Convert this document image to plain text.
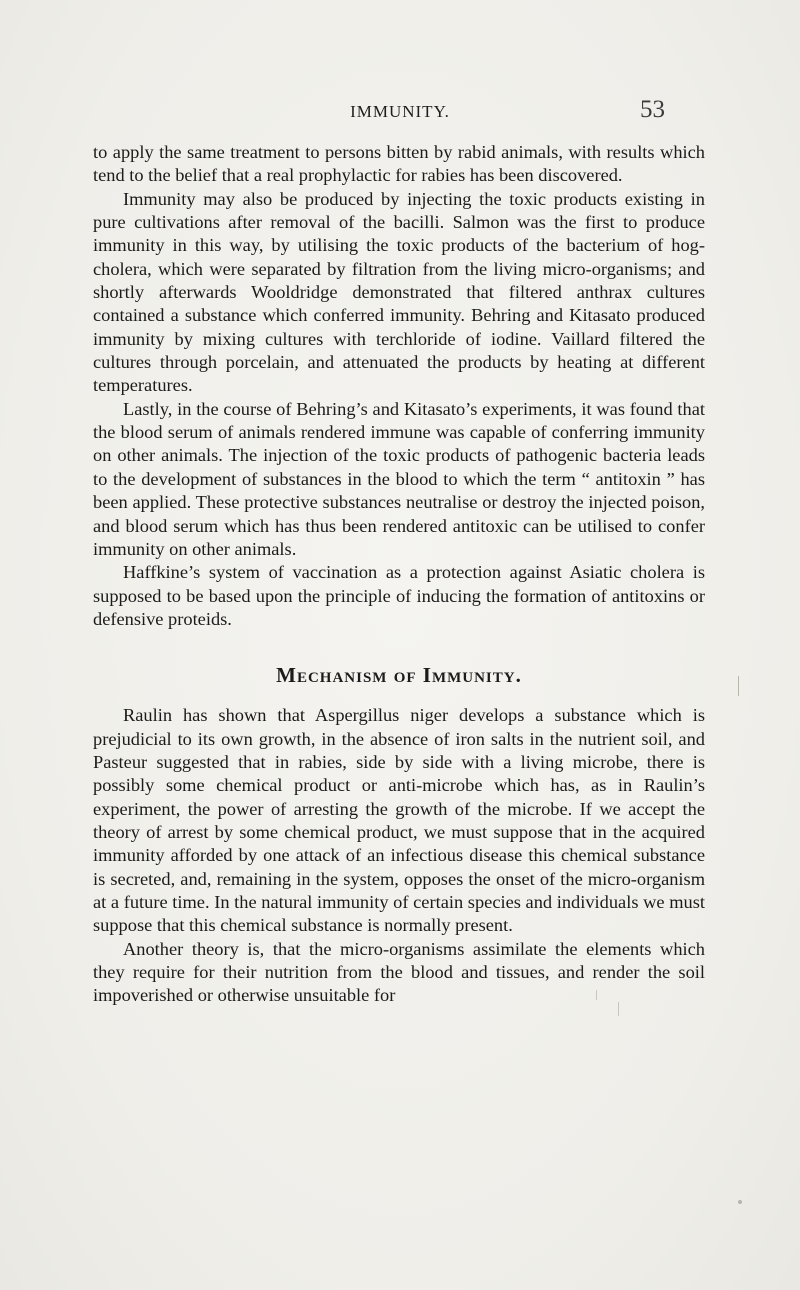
IMMUNITY.	53

to apply the same treatment to persons bitten by rabid animals, with results which tend to the belief that a real prophylactic for rabies has been discovered.

Immunity may also be produced by injecting the toxic products existing in pure cultivations after removal of the bacilli. Salmon was the first to produce immunity in this way, by utilising the toxic products of the bacterium of hog-cholera, which were separated by filtration from the living micro-organisms; and shortly afterwards Wooldridge demonstrated that filtered anthrax cultures contained a substance which conferred immunity. Behring and Kitasato produced immunity by mixing cultures with terchloride of iodine. Vaillard filtered the cultures through porcelain, and attenuated the products by heating at different temperatures.

Lastly, in the course of Behring’s and Kitasato’s experiments, it was found that the blood serum of animals rendered immune was capable of conferring immunity on other animals. The injection of the toxic products of pathogenic bacteria leads to the development of substances in the blood to which the term “ antitoxin ” has been applied. These protective substances neutralise or destroy the injected poison, and blood serum which has thus been rendered antitoxic can be utilised to confer immunity on other animals.

Haffkine’s system of vaccination as a protection against Asiatic cholera is supposed to be based upon the principle of inducing the formation of antitoxins or defensive proteids.

Mechanism of Immunity.

Raulin has shown that Aspergillus niger develops a substance which is prejudicial to its own growth, in the absence of iron salts in the nutrient soil, and Pasteur suggested that in rabies, side by side with a living microbe, there is possibly some chemical product or anti-microbe which has, as in Raulin’s experiment, the power of arresting the growth of the microbe. If we accept the theory of arrest by some chemical product, we must suppose that in the acquired immunity afforded by one attack of an infectious disease this chemical substance is secreted, and, remaining in the system, opposes the onset of the micro-organism at a future time. In the natural immunity of certain species and individuals we must suppose that this chemical substance is normally present.

Another theory is, that the micro-organisms assimilate the elements which they require for their nutrition from the blood and tissues, and render the soil impoverished or otherwise unsuitable for
